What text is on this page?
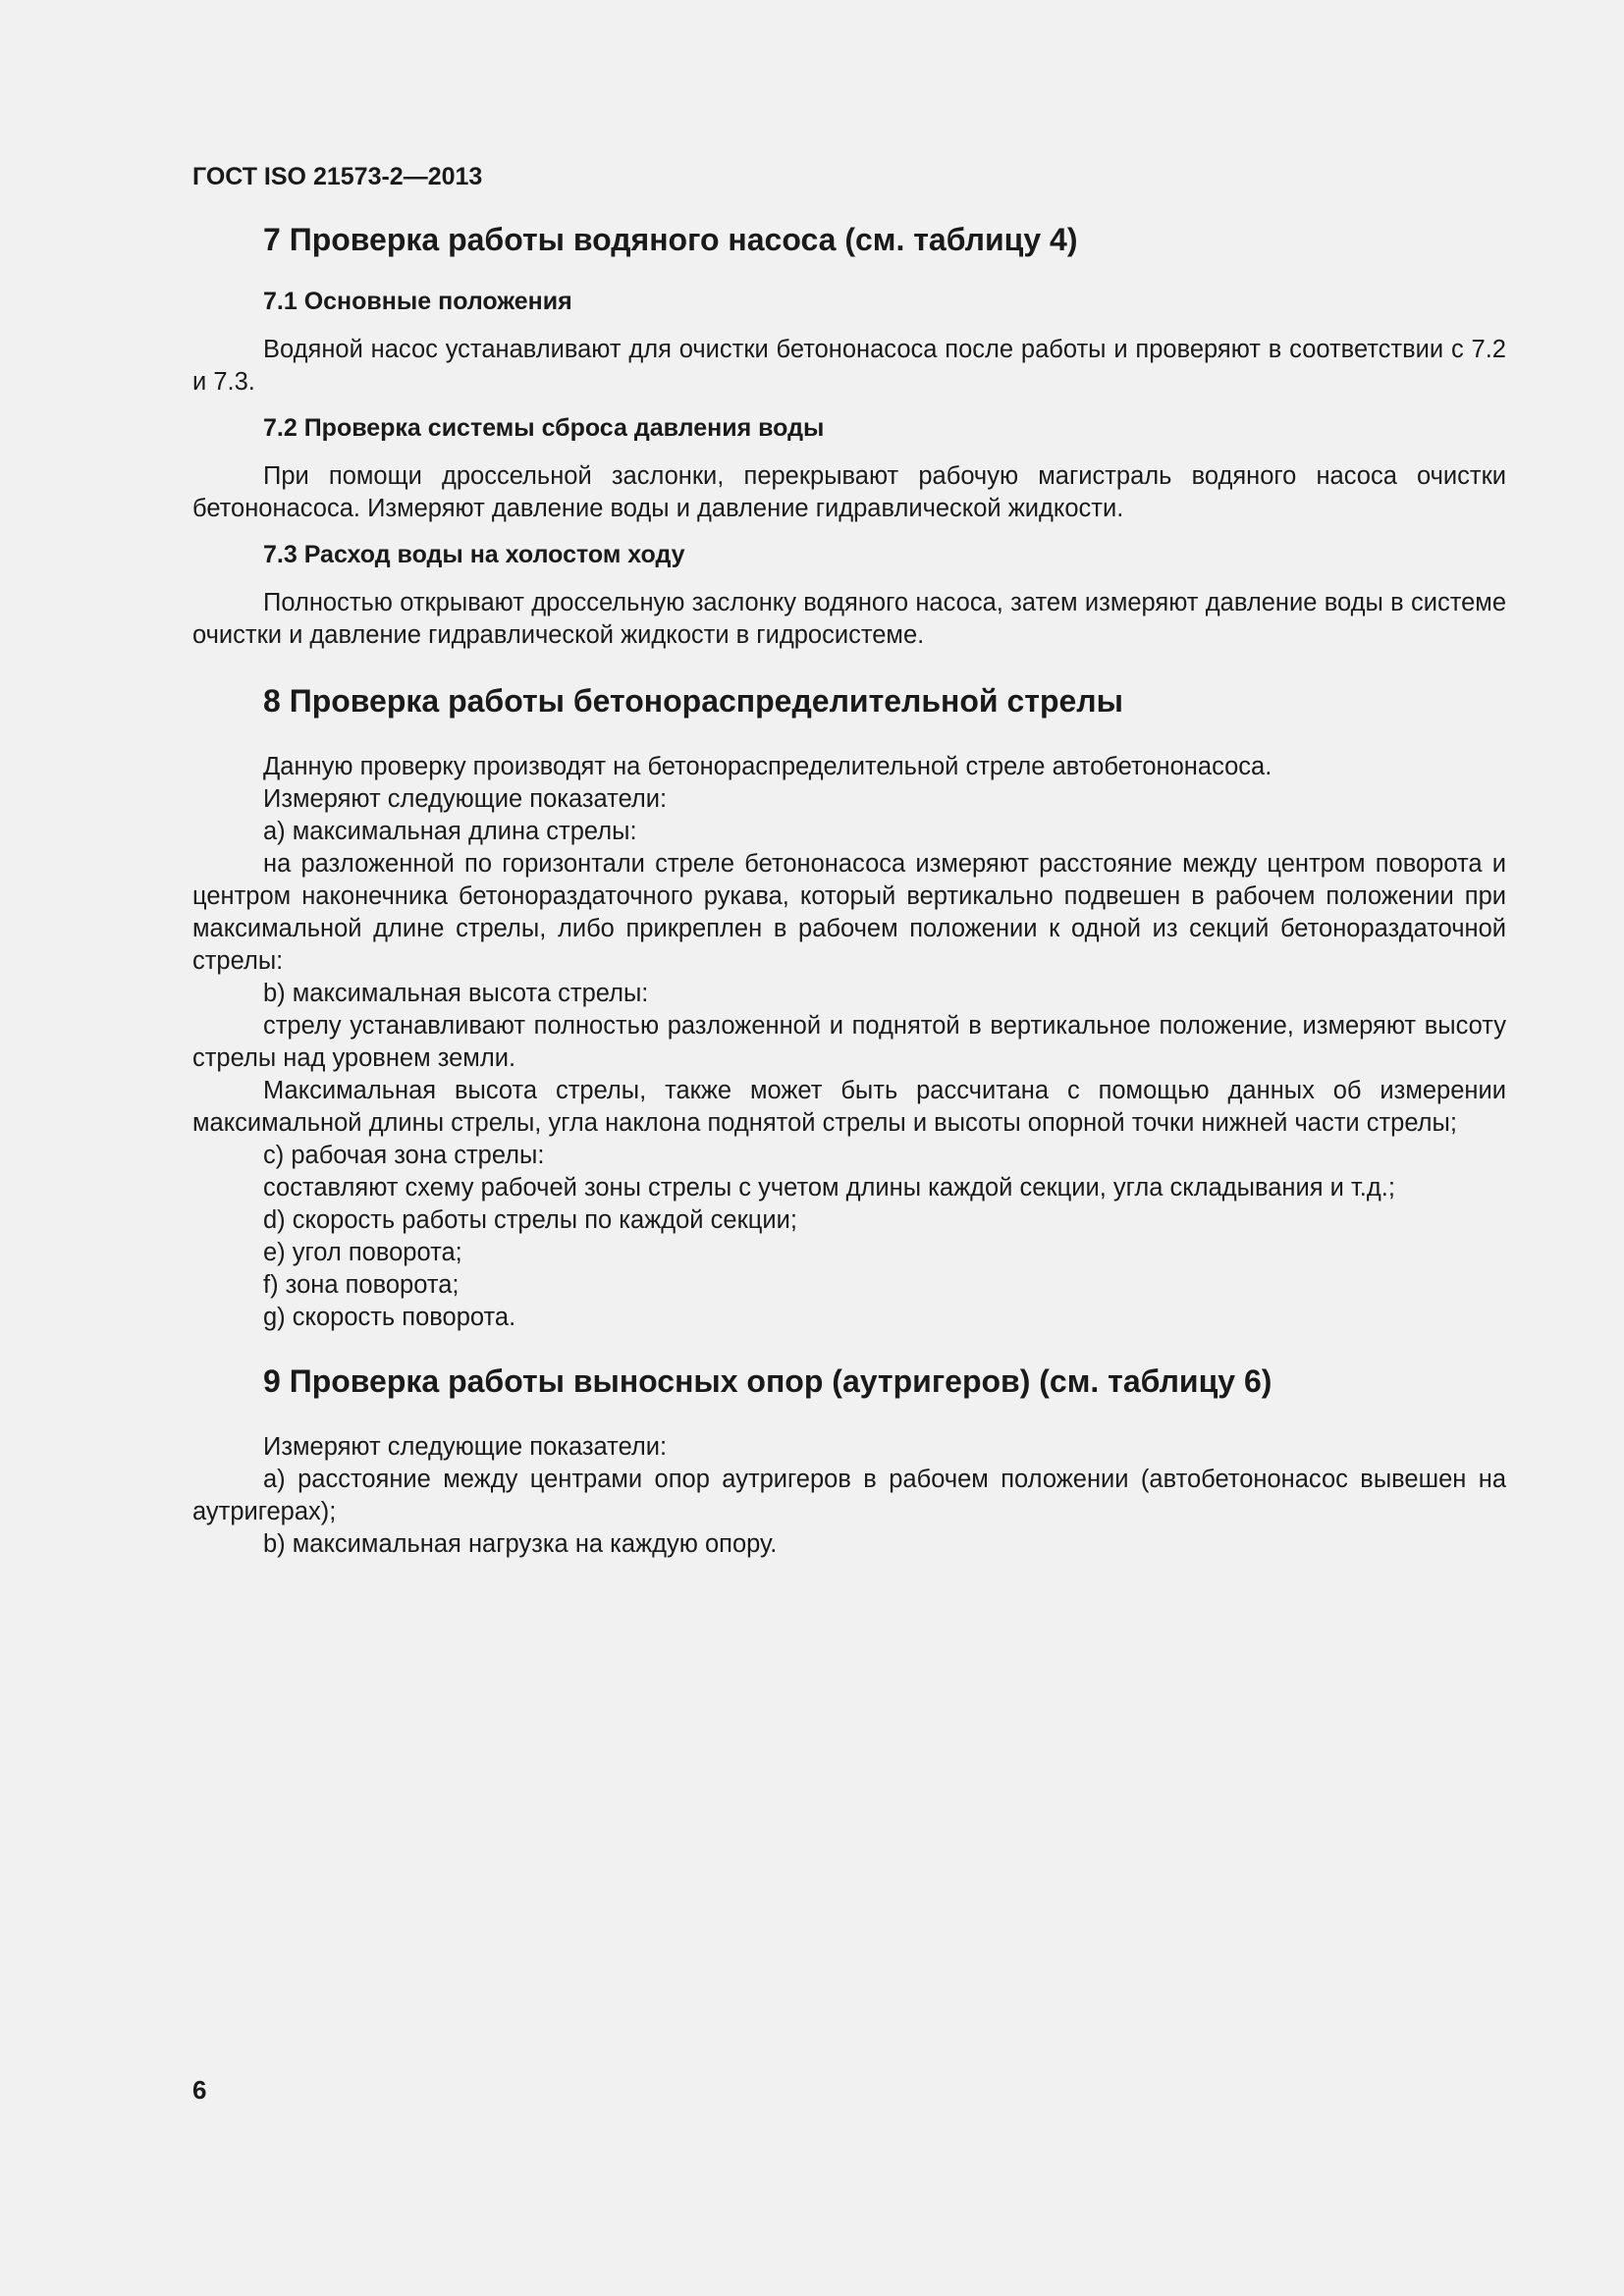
ГОСТ ISO 21573-2—2013
7 Проверка работы водяного насоса (см. таблицу 4)
7.1 Основные положения

Водяной насос устанавливают для очистки бетононасоса после работы и проверяют в соответствии с 7.2 и 7.3.

7.2 Проверка системы сброса давления воды

При помощи дроссельной заслонки, перекрывают рабочую магистраль водяного насоса очистки бетононасоса. Измеряют давление воды и давление гидравлической жидкости.

7.3 Расход воды на холостом ходу

Полностью открывают дроссельную заслонку водяного насоса, затем измеряют давление воды в системе очистки и давление гидравлической жидкости в гидросистеме.

8 Проверка работы бетонораспределительной стрелы

Данную проверку производят на бетонораспределительной стреле автобетононасоса.

Измеряют следующие показатели:

a) максимальная длина стрелы:

на разложенной по горизонтали стреле бетононасоса измеряют расстояние между центром поворота и центром наконечника бетонораздаточного рукава, который вертикально подвешен в рабочем положении при максимальной длине стрелы, либо прикреплен в рабочем положении к одной из секций бетонораздаточной стрелы:

b) максимальная высота стрелы:

стрелу устанавливают полностью разложенной и поднятой в вертикальное положение, измеряют высоту стрелы над уровнем земли.

Максимальная высота стрелы, также может быть рассчитана с помощью данных об измерении максимальной длины стрелы, угла наклона поднятой стрелы и высоты опорной точки нижней части стрелы;

c) рабочая зона стрелы:

составляют схему рабочей зоны стрелы с учетом длины каждой секции, угла складывания и т.д.;

d) скорость работы стрелы по каждой секции;

e) угол поворота;

f) зона поворота;

g) скорость поворота.

9 Проверка работы выносных опор (аутригеров) (см. таблицу 6)

Измеряют следующие показатели:

a) расстояние между центрами опор аутригеров в рабочем положении (автобетононасос вывешен на аутригерах);

b) максимальная нагрузка на каждую опору.

6
